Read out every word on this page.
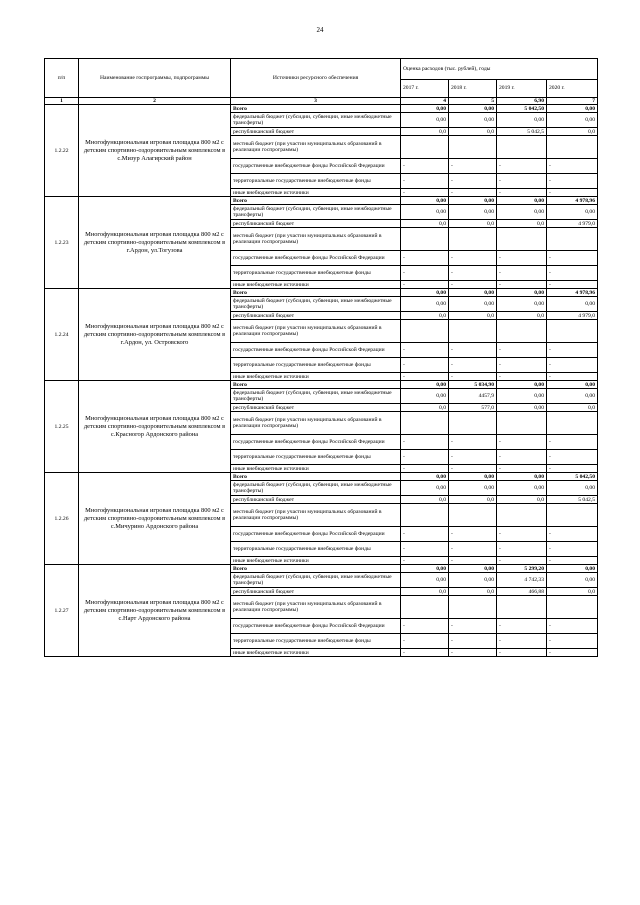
24
п/п	Наименование госпрограммы, подпрограммы	Источники ресурсного обеспечения	Оценка расходов (тыс. рублей), годы			
			2017 г.	2018 г.	2019 г.	2020 г.
1	2	3	4	5	6,90	7
1.2.22	Многофункциональная игровая площадка 800 м2 с детским спортивно-оздоровительным комплексом в с.Мизур Алагирский район	Всего	0,00	0,00	5 042,50	0,00
		федеральный бюджет (субсидии, субвенции, иные межбюджетные трансферты)	0,00	0,00	0,00	0,00
		республиканский бюджет	0,0	0,0	5 042,5	0,0
		местный бюджет (при участии муниципальных образований в реализации госпрограммы)				
		государственные внебюджетные фонды Российской Федерации	-	-	-	-
		территориальные государственные внебюджетные фонды	-	-	-	-
		иные внебюджетные источники	-	-	-	-
1.2.23	Многофункциональная игровая площадка 800 м2 с детским спортивно-оздоровительным комплексом в г.Ардон, ул.Тогузова	Всего	0,00	0,00	0,00	4 978,96
		федеральный бюджет (субсидии, субвенции, иные межбюджетные трансферты)	0,00	0,00	0,00	0,00
		республиканский бюджет	0,0	0,0	0,0	4 979,0
		местный бюджет (при участии муниципальных образований в реализации госпрограммы)				
		государственные внебюджетные фонды Российской Федерации	-	-	-	-
		территориальные государственные внебюджетные фонды	-	-	-	-
		иные внебюджетные источники	-	-	-	-
1.2.24	Многофункциональная игровая площадка 800 м2 с детским спортивно-оздоровительным комплексом в г.Ардон, ул. Островского	Всего	0,00	0,00	0,00	4 978,96
		федеральный бюджет (субсидии, субвенции, иные межбюджетные трансферты)	0,00	0,00	0,00	0,00
		республиканский бюджет	0,0	0,0	0,0	4 979,0
		местный бюджет (при участии муниципальных образований в реализации госпрограммы)				
		государственные внебюджетные фонды Российской Федерации	-	-	-	-
		территориальные государственные внебюджетные фонды	-	-	-	-
		иные внебюджетные источники	-	-	-	-
1.2.25	Многофункциональная игровая площадка 800 м2 с детским спортивно-оздоровительным комплексом в с.Красногор Ардонского района	Всего	0,00	5 034,90	0,00	0,00
		федеральный бюджет (субсидии, субвенции, иные межбюджетные трансферты)	0,00	4457,9	0,00	0,00
		республиканский бюджет	0,0	577,0	0,00	0,0
		местный бюджет (при участии муниципальных образований в реализации госпрограммы)				
		государственные внебюджетные фонды Российской Федерации	-	-	-	-
		территориальные государственные внебюджетные фонды	-	-	-	-
		иные внебюджетные источники	-	-	-	-
1.2.26	Многофункциональная игровая площадка 800 м2 с детским спортивно-оздоровительным комплексом в с.Мичурино Ардонского района	Всего	0,00	0,00	0,00	5 042,50
		федеральный бюджет (субсидии, субвенции, иные межбюджетные трансферты)	0,00	0,00	0,00	0,00
		республиканский бюджет	0,0	0,0	0,0	5 042,5
		местный бюджет (при участии муниципальных образований в реализации госпрограммы)				
		государственные внебюджетные фонды Российской Федерации	-	-	-	-
		территориальные государственные внебюджетные фонды	-	-	-	-
		иные внебюджетные источники	-	-	-	-
1.2.27	Многофункциональная игровая площадка 800 м2 с детским спортивно-оздоровительным комплексом в с.Нарт Ардонского района	Всего	0,00	0,00	5 299,20	0,00
		федеральный бюджет (субсидии, субвенции, иные межбюджетные трансферты)	0,00	0,00	4 742,33	0,00
		республиканский бюджет	0,0	0,0	466,88	0,0
		местный бюджет (при участии муниципальных образований в реализации госпрограммы)				
		государственные внебюджетные фонды Российской Федерации	-	-	-	-
		территориальные государственные внебюджетные фонды	-	-	-	-
		иные внебюджетные источники	-	-	-	-
